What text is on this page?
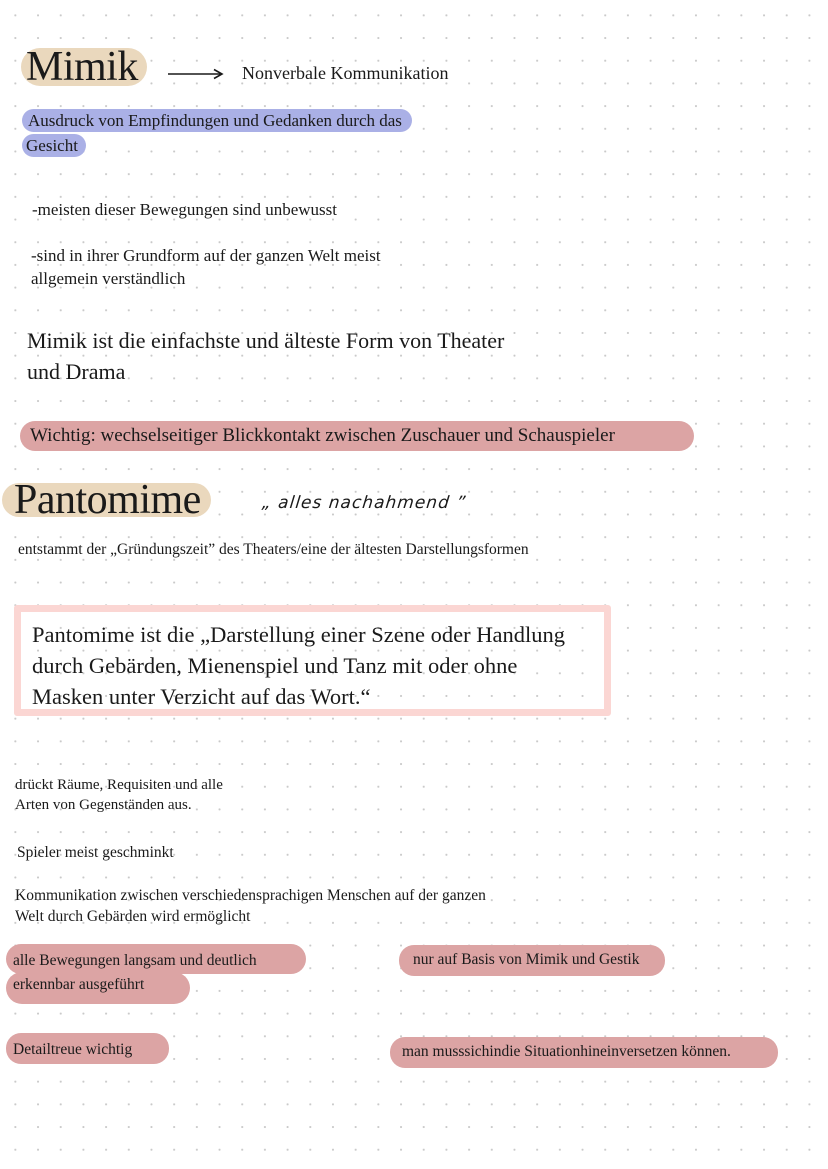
Mimik	Nonverbale Kommunikation
Ausdruck von Empfindungen und Gedanken durch das
Gesicht
-meisten dieser Bewegungen sind unbewusst
-sind in ihrer Grundform auf der ganzen Welt meist
allgemein verständlich
Mimik ist die einfachste und älteste Form von Theater
und Drama
Wichtig: wechselseitiger Blickkontakt zwischen Zuschauer und Schauspieler
Pantomime	„ alles nachahmend ”
entstammt der „Gründungszeit” des Theaters/eine der ältesten Darstellungsformen
Pantomime ist die „Darstellung einer Szene oder Handlung
durch Gebärden, Mienenspiel und Tanz mit oder ohne
Masken unter Verzicht auf das Wort.“
drückt Räume, Requisiten und alle
Arten von Gegenständen aus.
Spieler meist geschminkt
Kommunikation zwischen verschiedensprachigen Menschen auf der ganzen
Welt durch Gebärden wird ermöglicht
alle Bewegungen langsam und deutlich
erkennbar ausgeführt
nur auf Basis von Mimik und Gestik
Detailtreue wichtig	man musssichindie Situationhineinversetzen können.
